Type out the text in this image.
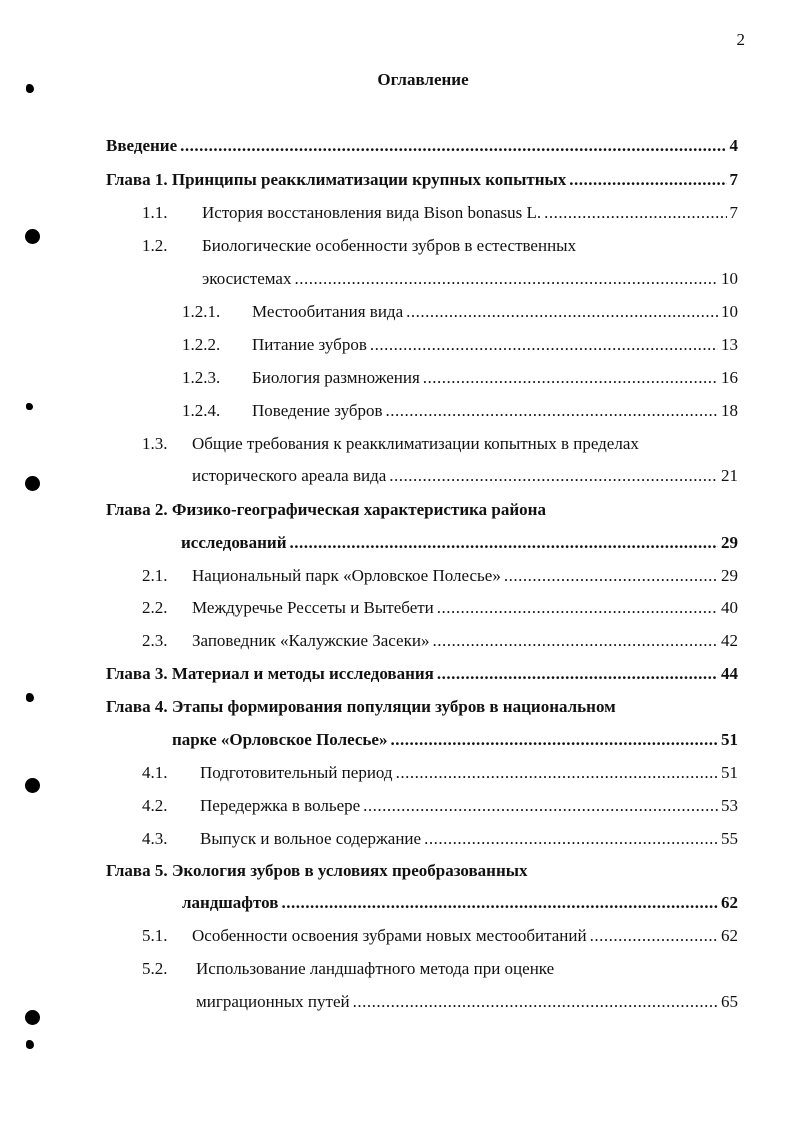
2
Оглавление
Введение .....	4
Глава 1. Принципы реакклиматизации крупных копытных .....	7
1.1.	История восстановления вида Bison bonasus L. .....	7
1.2.	Биологические особенности зубров в естественных
экосистемах .....	10
1.2.1.	Местообитания вида .....	10
1.2.2.	Питание зубров .....	13
1.2.3.	Биология размножения .....	16
1.2.4.	Поведение зубров .....	18
1.3.	Общие требования к реакклиматизации копытных в пределах
исторического ареала вида .....	21
Глава 2. Физико-географическая характеристика района
исследований .....	29
2.1.	Национальный парк «Орловское Полесье» .....	29
2.2.	Междуречье Рессеты и Вытебети .....	40
2.3.	Заповедник «Калужские Засеки» .....	42
Глава 3. Материал и методы исследования .....	44
Глава 4. Этапы формирования популяции зубров в национальном
парке «Орловское Полесье» .....	51
4.1.	Подготовительный период .....	51
4.2.	Передержка в вольере .....	53
4.3.	Выпуск и вольное содержание .....	55
Глава 5. Экология зубров в условиях преобразованных
ландшафтов .....	62
5.1.	Особенности освоения зубрами новых местообитаний .....	62
5.2.	Использование ландшафтного метода при оценке
миграционных путей .....	65
